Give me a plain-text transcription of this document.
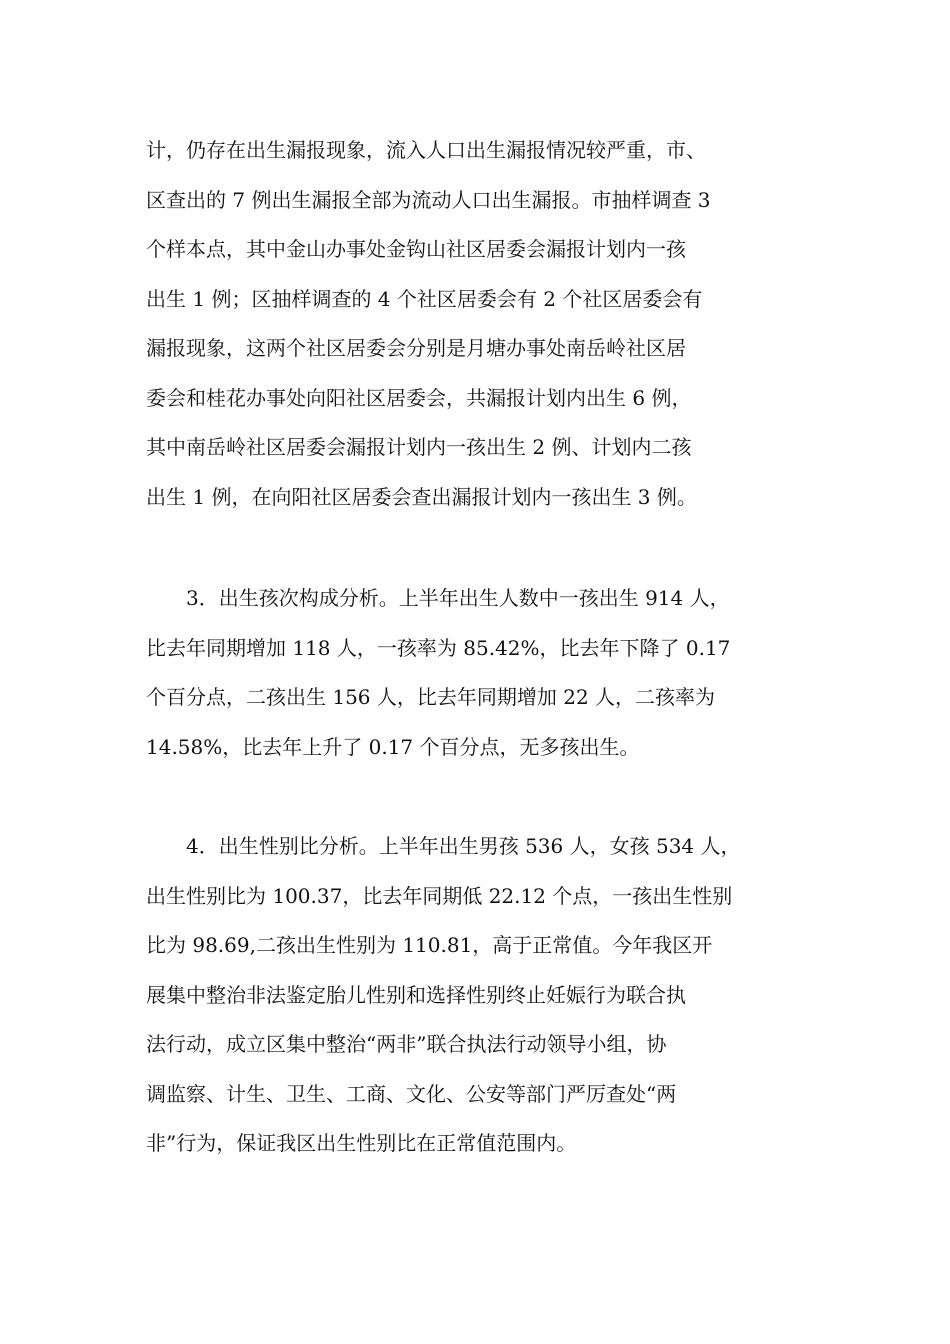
计，仍存在出生漏报现象，流入人口出生漏报情况较严重，市、
区查出的 7 例出生漏报全部为流动人口出生漏报。市抽样调查 3
个样本点，其中金山办事处金钩山社区居委会漏报计划内一孩
出生 1 例；区抽样调查的 4 个社区居委会有 2 个社区居委会有
漏报现象，这两个社区居委会分别是月塘办事处南岳岭社区居
委会和桂花办事处向阳社区居委会，共漏报计划内出生 6 例，
其中南岳岭社区居委会漏报计划内一孩出生 2 例、计划内二孩
出生 1 例，在向阳社区居委会查出漏报计划内一孩出生 3 例。
3．出生孩次构成分析。上半年出生人数中一孩出生 914 人，
比去年同期增加 118 人，一孩率为 85.42%，比去年下降了 0.17
个百分点，二孩出生 156 人，比去年同期增加 22 人，二孩率为
14.58%，比去年上升了 0.17 个百分点，无多孩出生。
4．出生性别比分析。上半年出生男孩 536 人，女孩 534 人，
出生性别比为 100.37，比去年同期低 22.12 个点，一孩出生性别
比为 98.69,二孩出生性别为 110.81，高于正常值。今年我区开
展集中整治非法鉴定胎儿性别和选择性别终止妊娠行为联合执
法行动，成立区集中整治“两非”联合执法行动领导小组，协
调监察、计生、卫生、工商、文化、公安等部门严厉查处“两
非”行为，保证我区出生性别比在正常值范围内。
